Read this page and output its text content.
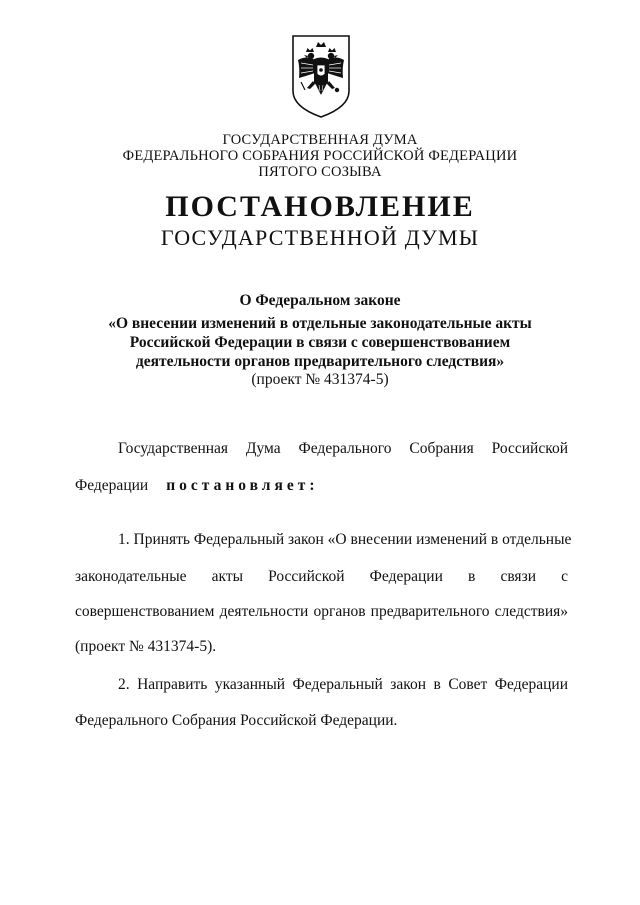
ГОСУДАРСТВЕННАЯ ДУМА
ФЕДЕРАЛЬНОГО СОБРАНИЯ РОССИЙСКОЙ ФЕДЕРАЦИИ
ПЯТОГО СОЗЫВА
ПОСТАНОВЛЕНИЕ
ГОСУДАРСТВЕННОЙ ДУМЫ
О Федеральном законе
«О внесении изменений в отдельные законодательные акты
Российской Федерации в связи с совершенствованием
деятельности органов предварительного следствия»
(проект № 431374-5)
Государственная Дума Федерального Собрания Российской
Федерации постановляет:
1. Принять Федеральный закон «О внесении изменений в отдельные
законодательные акты Российской Федерации в связи с
совершенствованием деятельности органов предварительного следствия»
(проект № 431374-5).
2. Направить указанный Федеральный закон в Совет Федерации
Федерального Собрания Российской Федерации.
